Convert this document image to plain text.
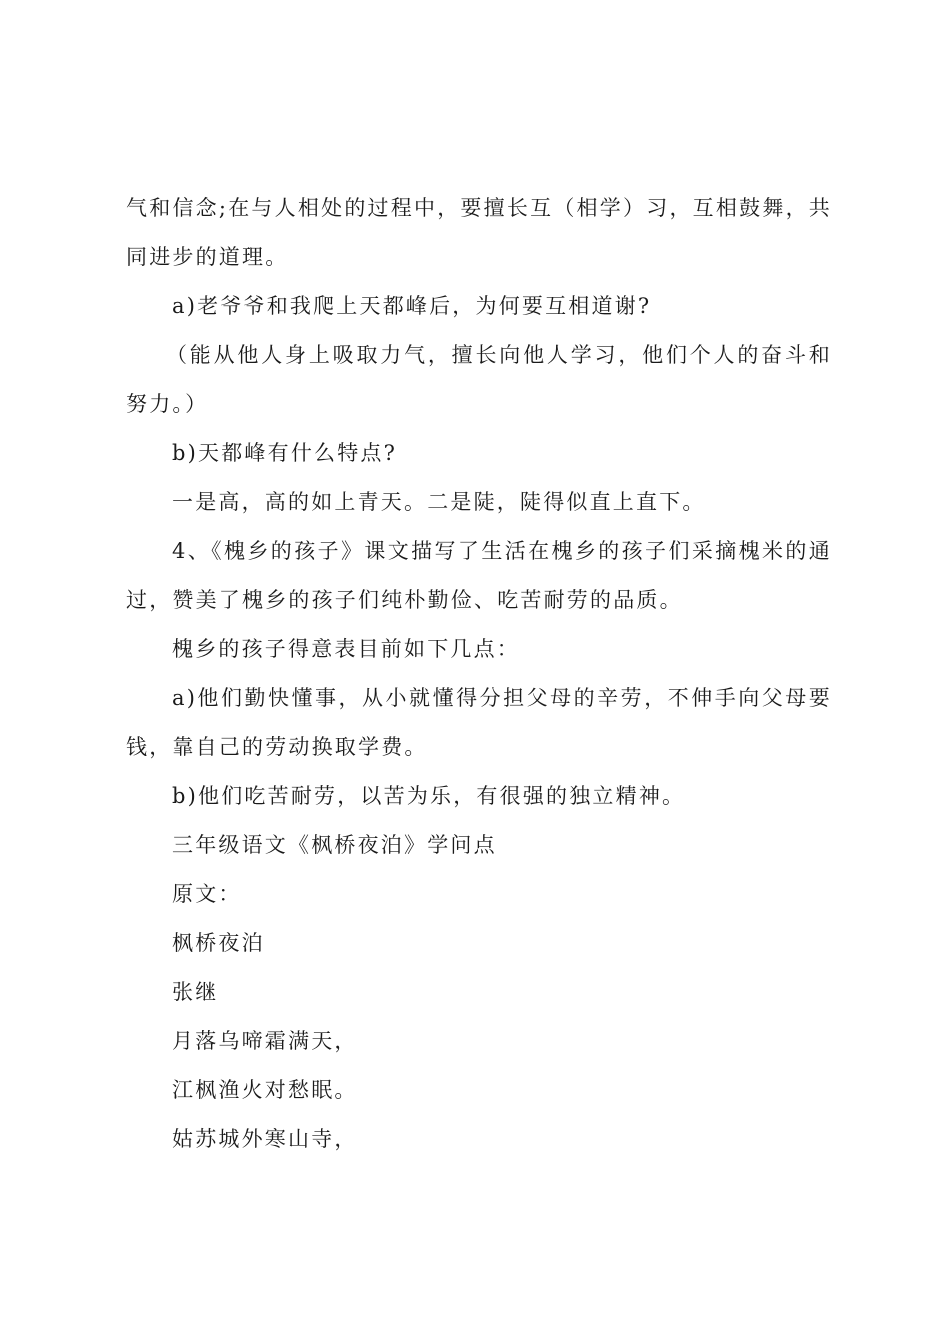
气和信念;在与人相处的过程中，要擅长互（相学）习，互相鼓舞，共同进步的道理。

a)老爷爷和我爬上天都峰后，为何要互相道谢?

（能从他人身上吸取力气，擅长向他人学习，他们个人的奋斗和努力。）

b)天都峰有什么特点?

一是高，高的如上青天。二是陡，陡得似直上直下。

4、《槐乡的孩子》课文描写了生活在槐乡的孩子们采摘槐米的通过，赞美了槐乡的孩子们纯朴勤俭、吃苦耐劳的品质。

槐乡的孩子得意表目前如下几点：

a)他们勤快懂事，从小就懂得分担父母的辛劳，不伸手向父母要钱，靠自己的劳动换取学费。

b)他们吃苦耐劳，以苦为乐，有很强的独立精神。

三年级语文《枫桥夜泊》学问点

原文：

枫桥夜泊

张继

月落乌啼霜满天，

江枫渔火对愁眠。

姑苏城外寒山寺，
